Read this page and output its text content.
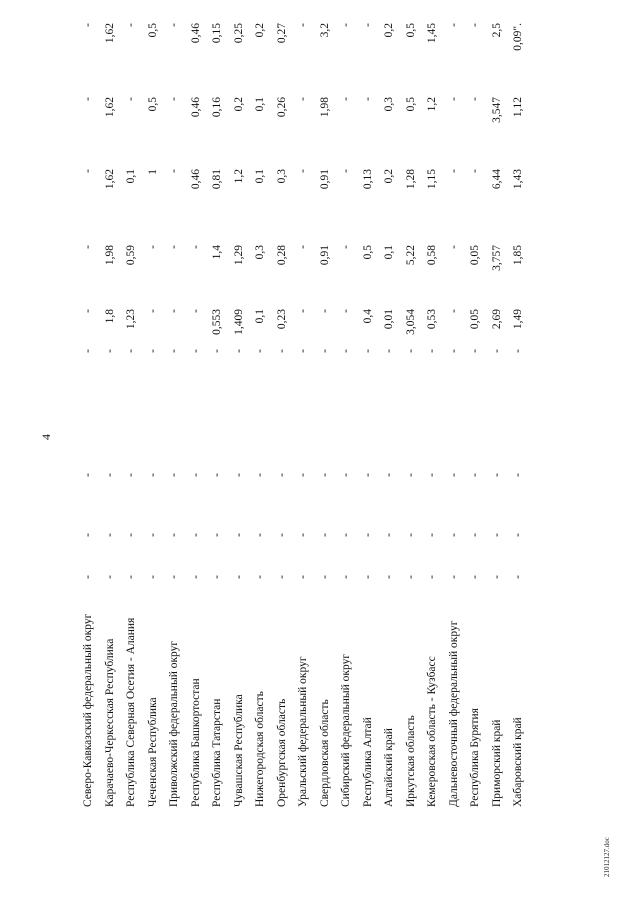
4
Северо-Кавказский федеральный округ
-
-
-
-
-
-
-
-
-
Карачаево-Черкесская Республика
-
-
-
-
1,8
1,98
1,62
1,62
1,62
Республика Северная Осетия - Алания
-
-
-
-
1,23
0,59
0,1
-
-
Чеченская Республика
-
-
-
-
-
-
1
0,5
0,5
Приволжский федеральный округ
-
-
-
-
-
-
-
-
-
Республика Башкортостан
-
-
-
-
-
-
0,46
0,46
0,46
Республика Татарстан
-
-
-
-
0,553
1,4
0,81
0,16
0,15
Чувашская Республика
-
-
-
-
1,409
1,29
1,2
0,2
0,25
Нижегородская область
-
-
-
-
0,1
0,3
0,1
0,1
0,2
Оренбургская область
-
-
-
-
0,23
0,28
0,3
0,26
0,27
Уральский федеральный округ
-
-
-
-
-
-
-
-
-
Свердловская область
-
-
-
-
-
0,91
0,91
1,98
3,2
Сибирский федеральный округ
-
-
-
-
-
-
-
-
-
Республика Алтай
-
-
-
-
0,4
0,5
0,13
-
-
Алтайский край
-
-
-
-
0,01
0,1
0,2
0,3
0,2
Иркутская область
-
-
-
-
3,054
5,22
1,28
0,5
0,5
Кемеровская область - Кузбасс
-
-
-
-
0,53
0,58
1,15
1,2
1,45
Дальневосточный федеральный округ
-
-
-
-
-
-
-
-
-
Республика Бурятия
-
-
-
-
0,05
0,05
-
-
-
Приморский край
-
-
-
-
2,69
3,757
6,44
3,547
2,5
Хабаровский край
-
-
-
-
1,49
1,85
1,43
1,12
0,09".
21012127.doc
